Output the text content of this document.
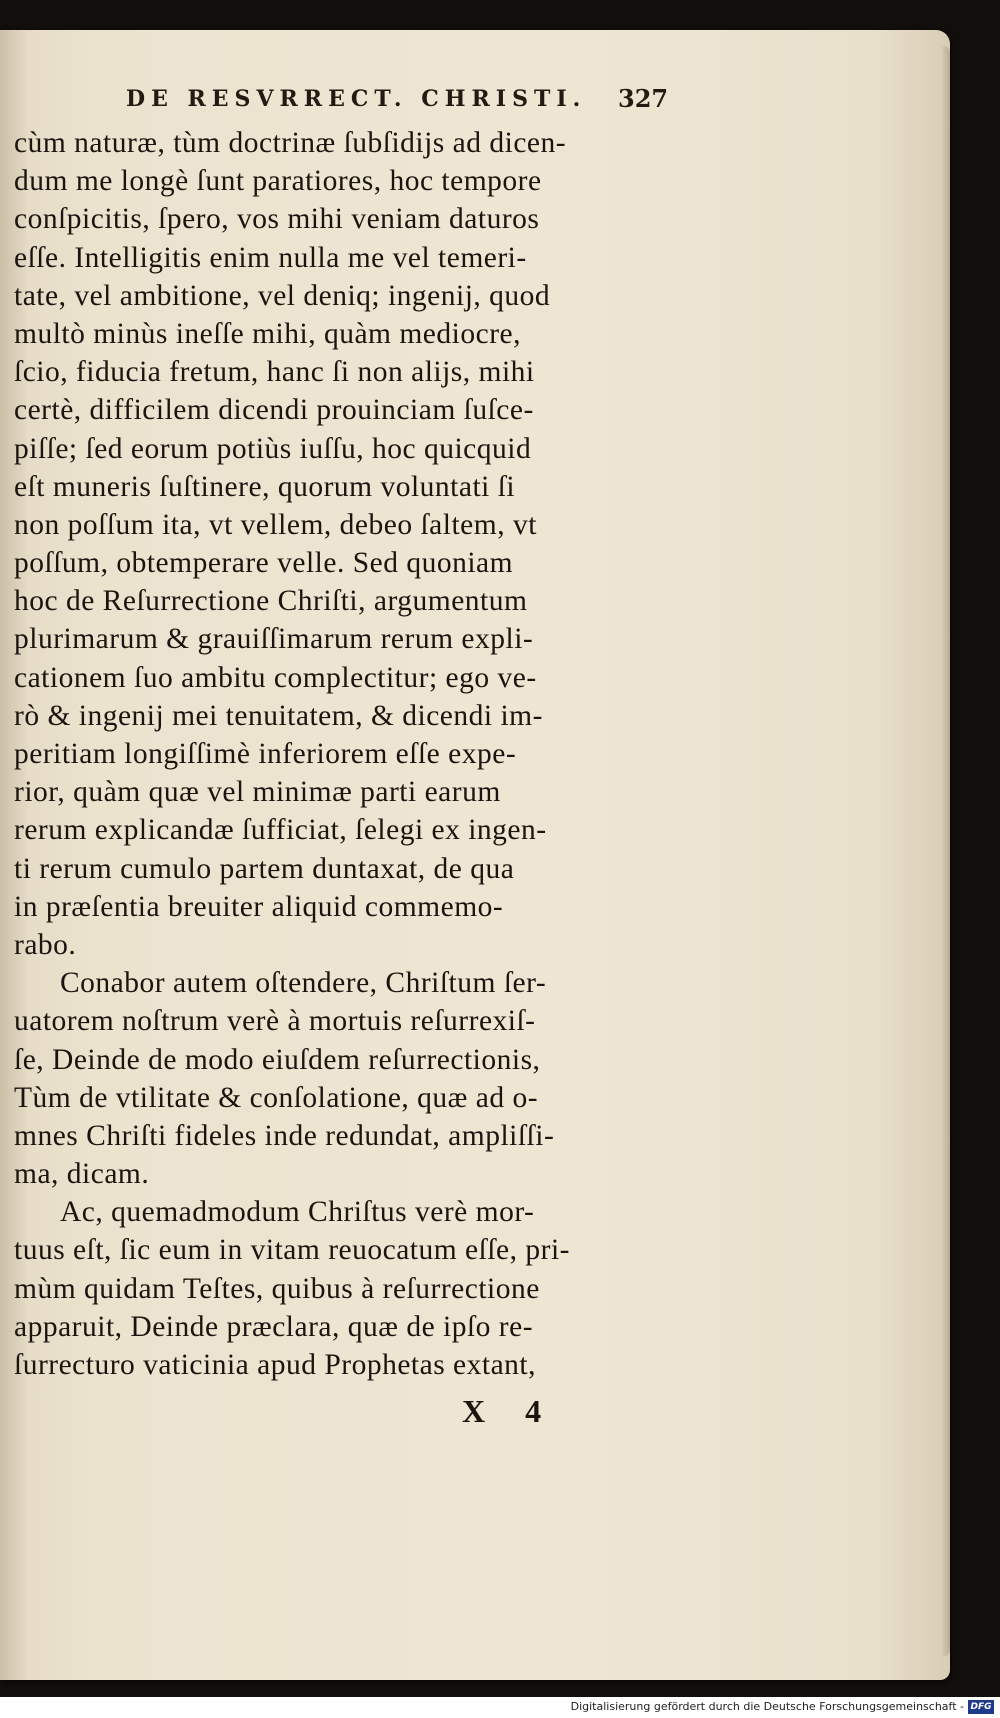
DE RESVRRECT. CHRISTI. 327
cùm naturæ, tùm doctrinæ ſubſidijs ad dicen-
dum me longè ſunt paratiores, hoc tempore
conſpicitis, ſpero, vos mihi veniam daturos
eſſe. Intelligitis enim nulla me vel temeri-
tate, vel ambitione, vel deniq; ingenij, quod
multò minùs ineſſe mihi, quàm mediocre,
ſcio, fiducia fretum, hanc ſi non alijs, mihi
certè, difficilem dicendi prouinciam ſuſce-
piſſe; ſed eorum potiùs iuſſu, hoc quicquid
eſt muneris ſuſtinere, quorum voluntati ſi
non poſſum ita, vt vellem, debeo ſaltem, vt
poſſum, obtemperare velle. Sed quoniam
hoc de Reſurrectione Chriſti, argumentum
plurimarum & grauiſſimarum rerum expli-
cationem ſuo ambitu complectitur; ego ve-
rò & ingenij mei tenuitatem, & dicendi im-
peritiam longiſſimè inferiorem eſſe expe-
rior, quàm quæ vel minimæ parti earum
rerum explicandæ ſufficiat, ſelegi ex ingen-
ti rerum cumulo partem duntaxat, de qua
in præſentia breuiter aliquid commemo-
rabo.
Conabor autem oſtendere, Chriſtum ſer-
uatorem noſtrum verè à mortuis reſurrexiſ-
ſe, Deinde de modo eiuſdem reſurrectionis,
Tùm de vtilitate & conſolatione, quæ ad o-
mnes Chriſti fideles inde redundat, ampliſſi-
ma, dicam.
Ac, quemadmodum Chriſtus verè mor-
tuus eſt, ſic eum in vitam reuocatum eſſe, pri-
mùm quidam Teſtes, quibus à reſurrectione
apparuit, Deinde præclara, quæ de ipſo re-
ſurrecturo vaticinia apud Prophetas extant,
X 4
Digitalisierung gefördert durch die Deutsche Forschungsgemeinschaft - DFG
